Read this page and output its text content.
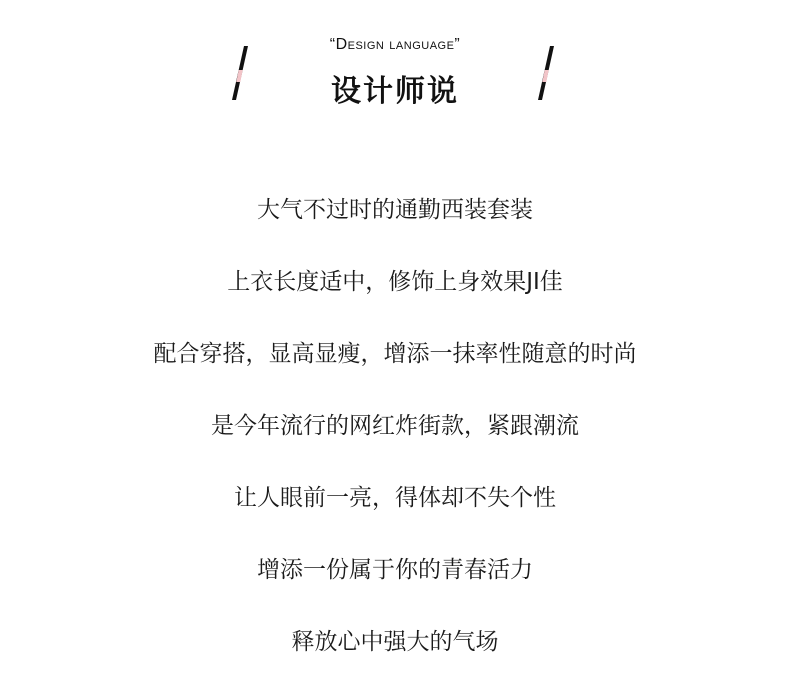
“Design language”
设计师说
大气不过时的通勤西装套装
上衣长度适中，修饰上身效果JI佳
配合穿搭，显高显瘦，增添一抹率性随意的时尚
是今年流行的网红炸街款，紧跟潮流
让人眼前一亮，得体却不失个性
增添一份属于你的青春活力
释放心中强大的气场
